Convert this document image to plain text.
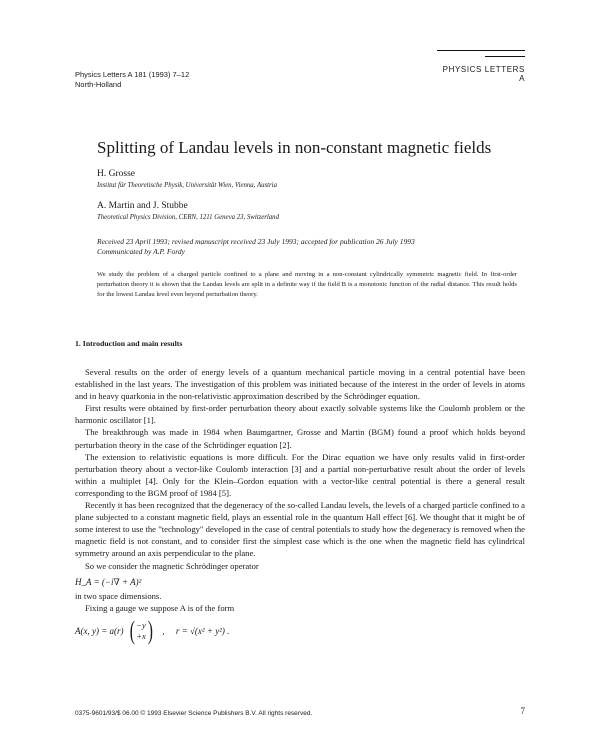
Physics Letters A 181 (1993) 7–12
North-Holland
PHYSICS LETTERS A
Splitting of Landau levels in non-constant magnetic fields
H. Grosse
Institut für Theoretische Physik, Universität Wien, Vienna, Austria
A. Martin and J. Stubbe
Theoretical Physics Division, CERN, 1211 Geneva 23, Switzerland
Received 23 April 1993; revised manuscript received 23 July 1993; accepted for publication 26 July 1993
Communicated by A.P. Fordy
We study the problem of a charged particle confined to a plane and moving in a non-constant cylindrically symmetric magnetic field. In first-order perturbation theory it is shown that the Landau levels are split in a definite way if the field B is a monotonic function of the radial distance. This result holds for the lowest Landau level even beyond perturbation theory.
1. Introduction and main results

Several results on the order of energy levels of a quantum mechanical particle moving in a central potential have been established in the last years. The investigation of this problem was initiated because of the interest in the order of levels in atoms and in heavy quarkonia in the non-relativistic approximation described by the Schrödinger equation.

First results were obtained by first-order perturbation theory about exactly solvable systems like the Coulomb problem or the harmonic oscillator [1].

The breakthrough was made in 1984 when Baumgartner, Grosse and Martin (BGM) found a proof which holds beyond perturbation theory in the case of the Schrödinger equation [2].

The extension to relativistic equations is more difficult. For the Dirac equation we have only results valid in first-order perturbation theory about a vector-like Coulomb interaction [3] and a partial non-perturbative result about the order of levels within a multiplet [4]. Only for the Klein–Gordon equation with a vector-like central potential is there a general result corresponding to the BGM proof of 1984 [5].

Recently it has been recognized that the degeneracy of the so-called Landau levels, the levels of a charged particle confined to a plane subjected to a constant magnetic field, plays an essential role in the quantum Hall effect [6]. We thought that it might be of some interest to use the "technology" developed in the case of central potentials to study how the degeneracy is removed when the magnetic field is not constant, and to consider first the simplest case which is the one when the magnetic field has cylindrical symmetry around an axis perpendicular to the plane.

So we consider the magnetic Schrödinger operator

H_A = (−i∇ + A)²
in two space dimensions.

Fixing a gauge we suppose A is of the form

A(x, y) = a(r) ( −y
+x ) , r = √(x² + y²) .
0375-9601/93/$ 06.00 © 1993 Elsevier Science Publishers B.V. All rights reserved.	7
